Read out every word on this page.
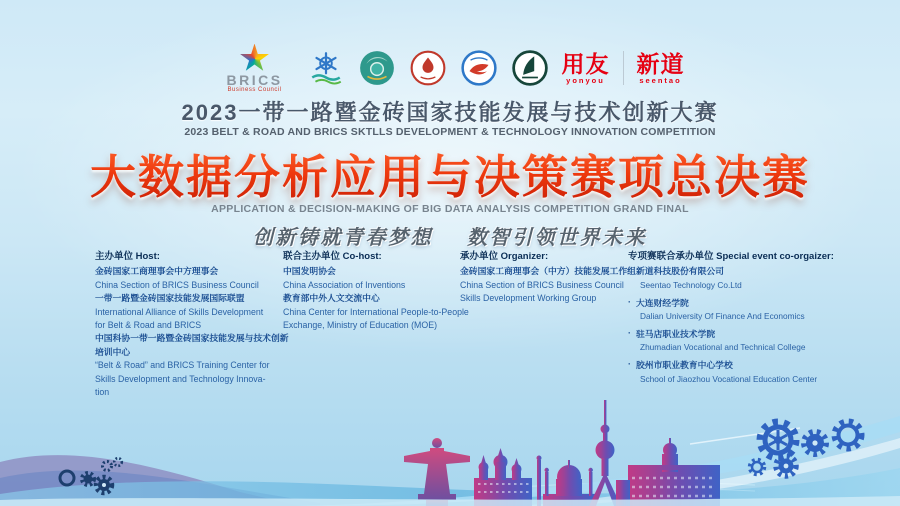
BRICS
Business Council
用友
yonyou
新道
seentao
2023一带一路暨金砖国家技能发展与技术创新大赛
2023 BELT & ROAD AND BRICS SKTLLS DEVELOPMENT & TECHNOLOGY INNOVATION COMPETITION
大数据分析应用与决策赛项总决赛
APPLICATION & DECISION-MAKING OF BIG DATA ANALYSIS COMPETITION GRAND FINAL
创新铸就青春梦想 数智引领世界未来
主办单位 Host:
金砖国家工商理事会中方理事会
China Section of BRICS Business Council
一带一路暨金砖国家技能发展国际联盟
International Alliance of Skills Development
for Belt & Road and BRICS
中国科协一带一路暨金砖国家技能发展与技术创新
培训中心
“Belt & Road” and BRICS Training Center for
Skills Development and Technology Innova-
tion
联合主办单位 Co-host:
中国发明协会
China Association of Inventions
教育部中外人文交流中心
China Center for International People-to-People
Exchange, Ministry of Education (MOE)
承办单位 Organizer:
金砖国家工商理事会（中方）技能发展工作组
China Section of BRICS Business Council
Skills Development Working Group
专项赛联合承办单位 Special event co-orgaizer:
· 新道科技股份有限公司
Seentao Technology Co.Ltd
· 大连财经学院
Dalian University Of Finance And Economics
· 驻马店职业技术学院
Zhumadian Vocational and Technical College
· 胶州市职业教育中心学校
School of Jiaozhou Vocational Education Center
